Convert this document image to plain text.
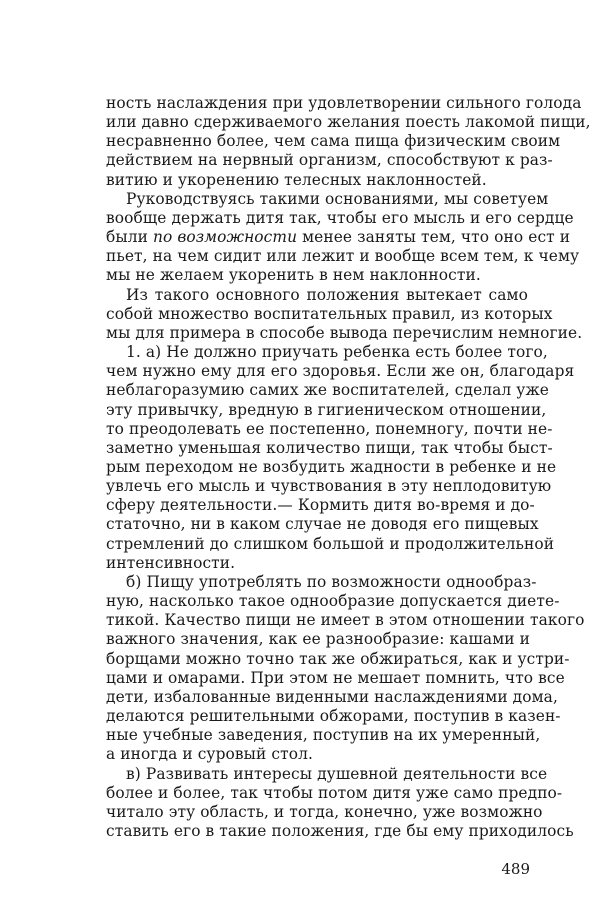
ность наслаждения при удовлетворении сильного голода
или давно сдерживаемого желания поесть лакомой пищи,
несравненно более, чем сама пища физическим своим
действием на нервный организм, способствуют к раз-
витию и укоренению телесных наклонностей.
Руководствуясь такими основаниями, мы советуем
вообще держать дитя так, чтобы его мысль и его сердце
были по возможности менее заняты тем, что оно ест и
пьет, на чем сидит или лежит и вообще всем тем, к чему
мы не желаем укоренить в нем наклонности.
Из такого основного положения вытекает само
собой множество воспитательных правил, из которых
мы для примера в способе вывода перечислим немногие.
1. а) Не должно приучать ребенка есть более того,
чем нужно ему для его здоровья. Если же он, благодаря
неблагоразумию самих же воспитателей, сделал уже
эту привычку, вредную в гигиеническом отношении,
то преодолевать ее постепенно, понемногу, почти не-
заметно уменьшая количество пищи, так чтобы быст-
рым переходом не возбудить жадности в ребенке и не
увлечь его мысль и чувствования в эту неплодовитую
сферу деятельности.— Кормить дитя во-время и до-
статочно, ни в каком случае не доводя его пищевых
стремлений до слишком большой и продолжительной
интенсивности.
б) Пищу употреблять по возможности однообраз-
ную, насколько такое однообразие допускается диете-
тикой. Качество пищи не имеет в этом отношении такого
важного значения, как ее разнообразие: кашами и
борщами можно точно так же обжираться, как и устри-
цами и омарами. При этом не мешает помнить, что все
дети, избалованные виденными наслаждениями дома,
делаются решительными обжорами, поступив в казен-
ные учебные заведения, поступив на их умеренный,
а иногда и суровый стол.
в) Развивать интересы душевной деятельности все
более и более, так чтобы потом дитя уже само предпо-
читало эту область, и тогда, конечно, уже возможно
ставить его в такие положения, где бы ему приходилось
489
